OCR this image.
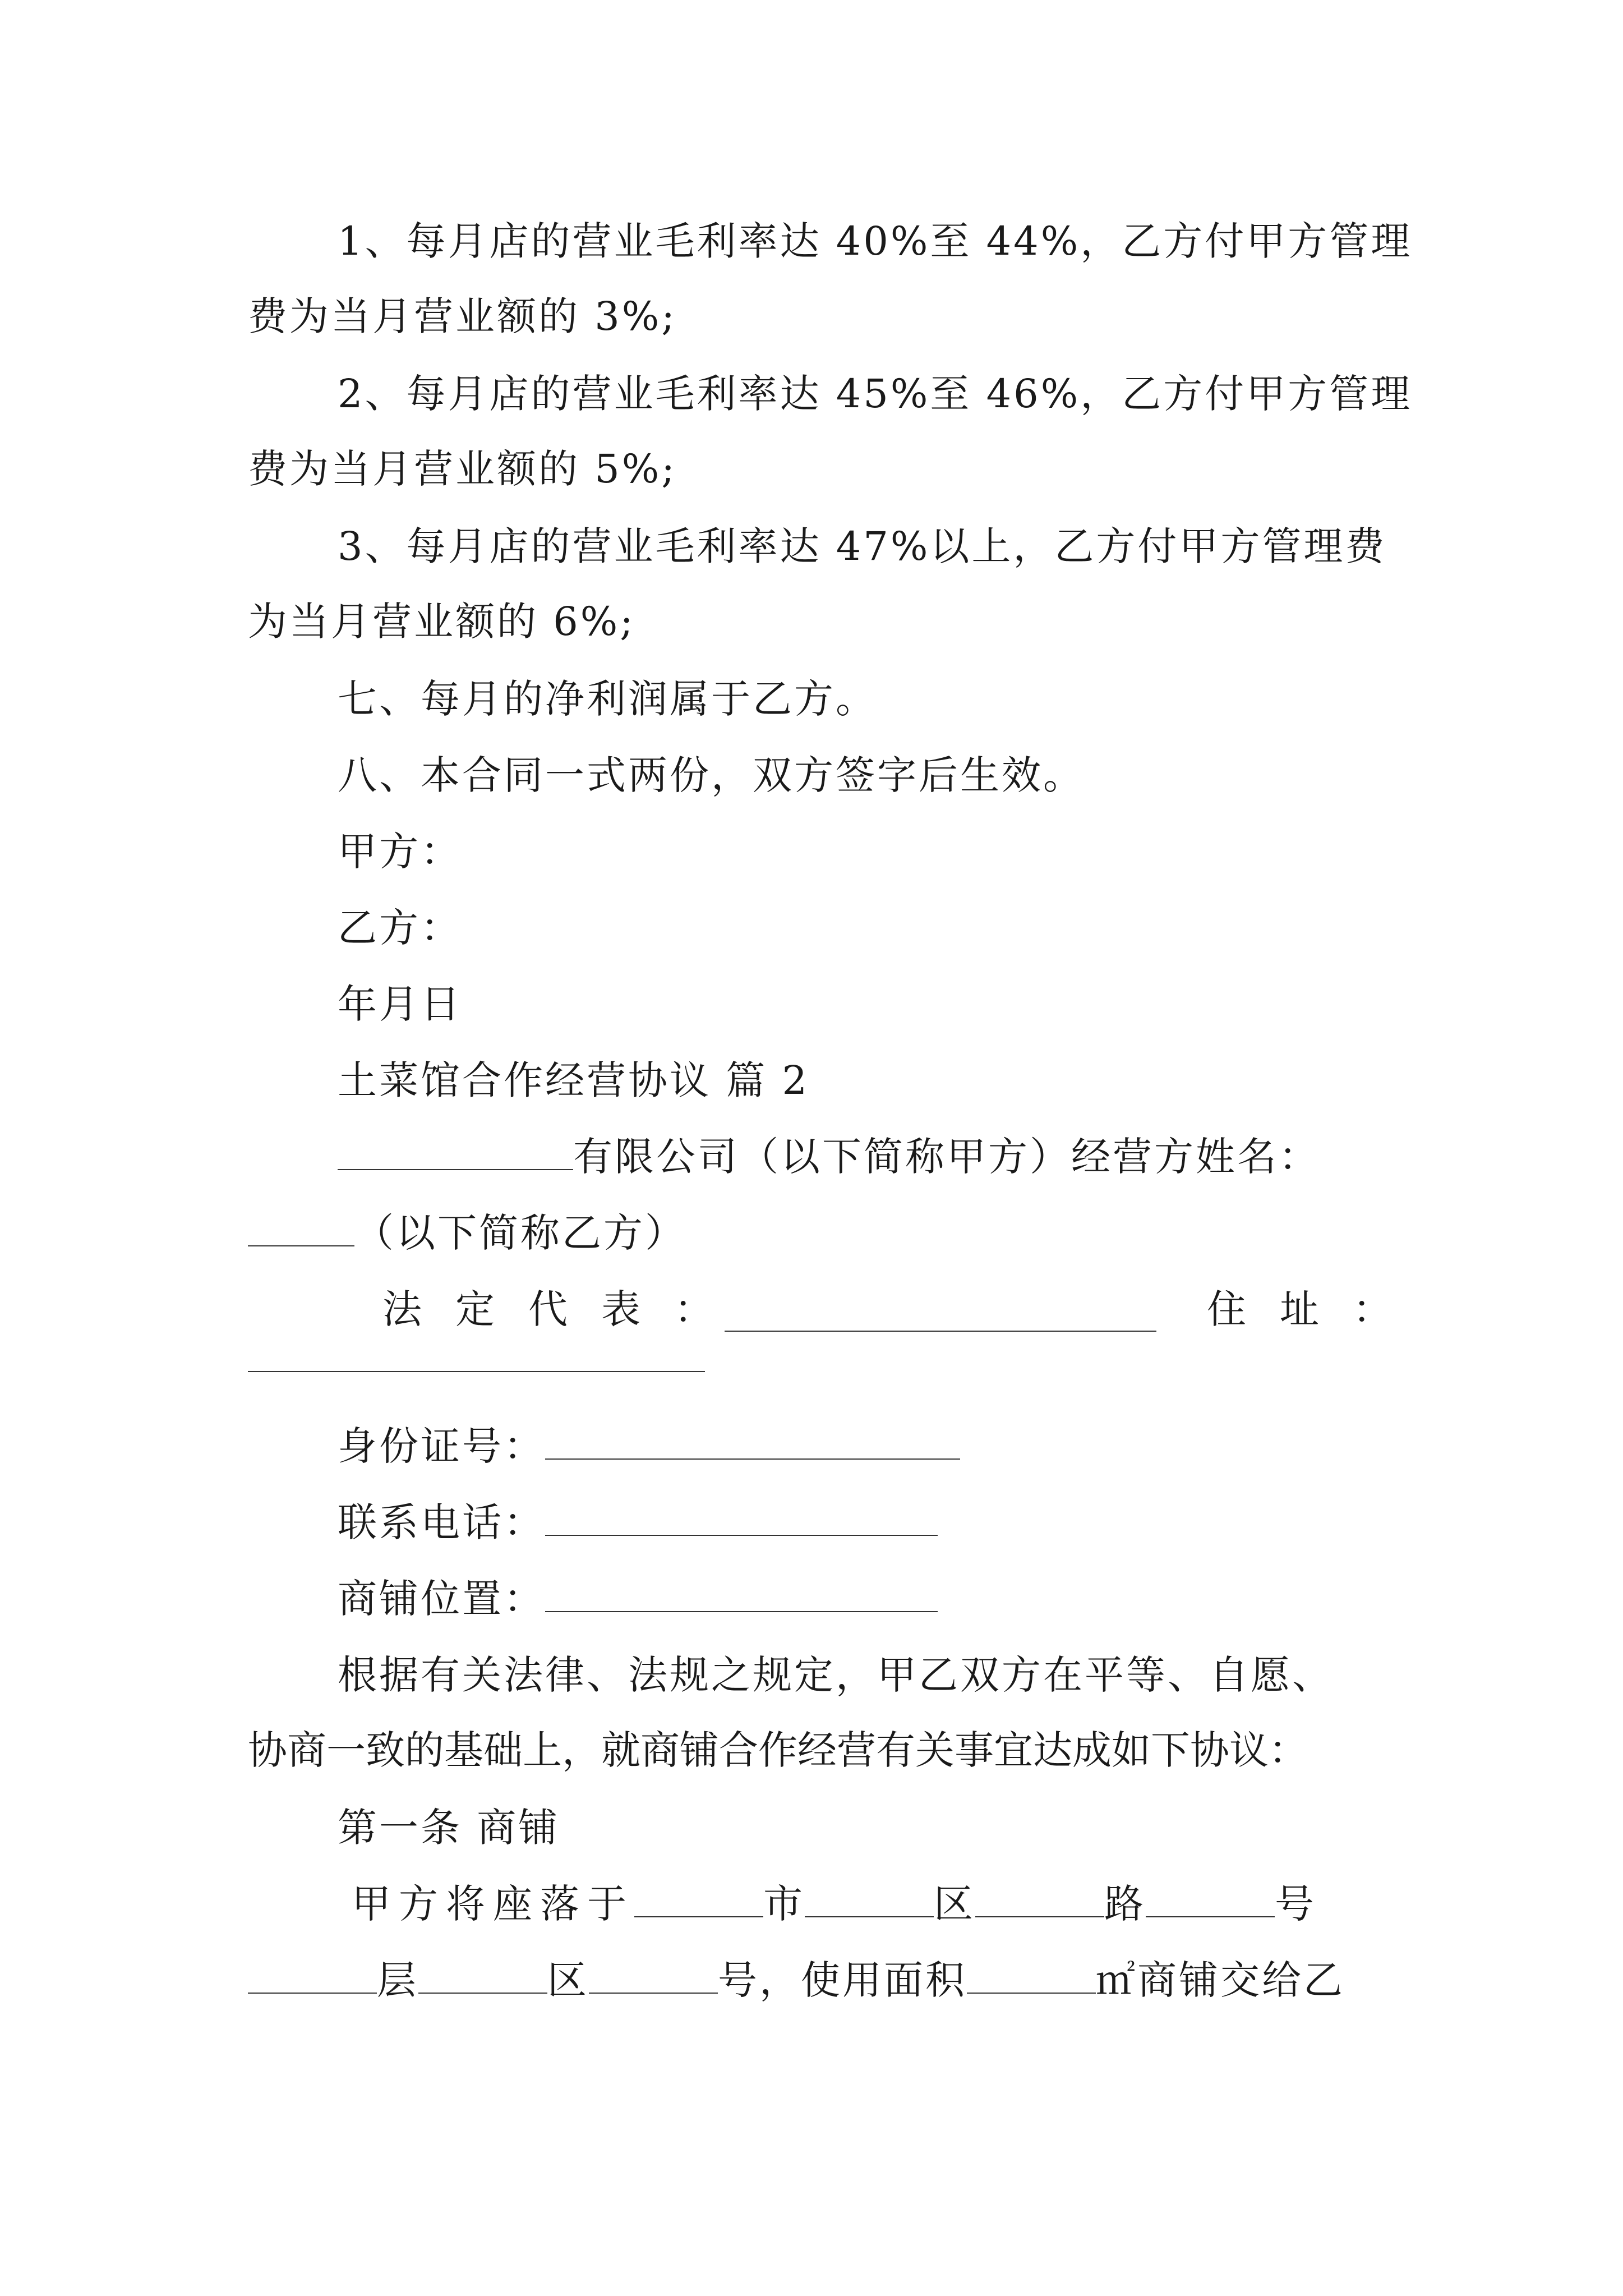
1、每月店的营业毛利率达 40%至 44%，乙方付甲方管理
费为当月营业额的 3%;
2、每月店的营业毛利率达 45%至 46%，乙方付甲方管理
费为当月营业额的 5%;
3、每月店的营业毛利率达 47%以上，乙方付甲方管理费
为当月营业额的 6%;
七、每月的净利润属于乙方。
八、本合同一式两份，双方签字后生效。
甲方：
乙方：
年月日
土菜馆合作经营协议 篇 2
有限公司（以下简称甲方）经营方姓名：
（以下简称乙方）
法定代表：	住址：
身份证号：
联系电话：
商铺位置：
根据有关法律、法规之规定，甲乙双方在平等、自愿、
协商一致的基础上，就商铺合作经营有关事宜达成如下协议：
第一条 商铺
甲方将座落于	市	区	路	号
层	区	号，使用面积	㎡商铺交给乙
